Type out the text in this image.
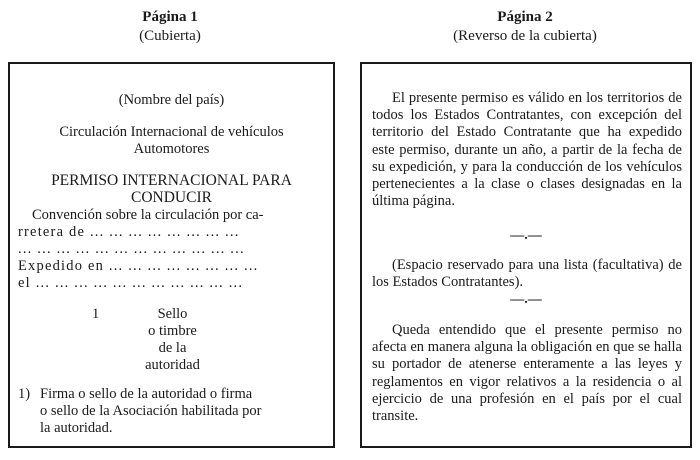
Página 1
(Cubierta)
Página 2
(Reverso de la cubierta)
(Nombre del país)
Circulación Internacional de vehículos
Automotores
PERMISO INTERNACIONAL PARA
CONDUCIR
Convención sobre la circulación por ca-
rretera de ... ... ... ... ... ... ... ...
... ... ... ... ... ... ... ... ... ... ... ...
Expedido en ... ... ... ... ... ... ... ...
el ... ... ... ... ... ... ... ... ... ... ...
1	Sello
o timbre
de la
autoridad
1) Firma o sello de la autoridad o firma
o sello de la Asociación habilitada por
la autoridad.
El presente permiso es válido en los territorios de todos los Estados Contratantes, con excepción del territorio del Estado Contratante que ha expedido este permiso, durante un año, a partir de la fecha de su expedición, y para la conducción de los vehículos pertenecientes a la clase o clases designadas en la última página.
—.—
(Espacio reservado para una lista (facultativa) de los Estados Contratantes).
—.—
Queda entendido que el presente permiso no afecta en manera alguna la obligación en que se halla su portador de atenerse enteramente a las leyes y reglamentos en vigor relativos a la residencia o al ejercicio de una profesión en el país por el cual transite.
